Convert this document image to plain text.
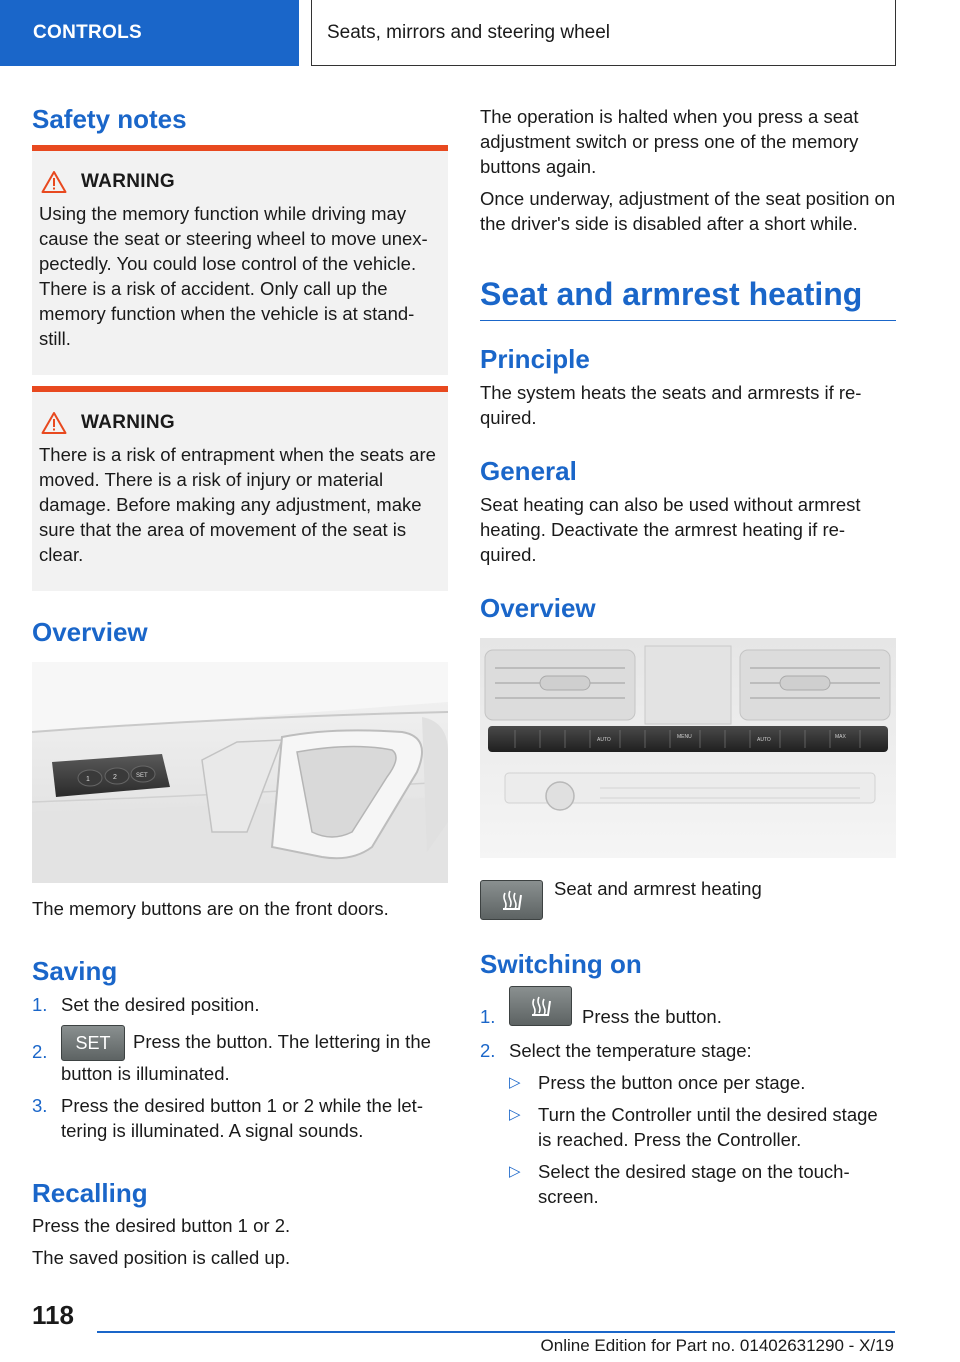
CONTROLS	Seats, mirrors and steering wheel
Safety notes
WARNING

Using the memory function while driving may cause the seat or steering wheel to move unex-pectedly. You could lose control of the vehicle. There is a risk of accident. Only call up the memory function when the vehicle is at stand-still.

WARNING

There is a risk of entrapment when the seats are moved. There is a risk of injury or material damage. Before making any adjustment, make sure that the area of movement of the seat is clear.

Overview
1	2	SET

The memory buttons are on the front doors.

Saving
1. Set the desired position.
2. SET Press the button. The lettering in the button is illuminated.
3. Press the desired button 1 or 2 while the let-tering is illuminated. A signal sounds.
Recalling

Press the desired button 1 or 2.

The saved position is called up.

The operation is halted when you press a seat adjustment switch or press one of the memory buttons again.

Once underway, adjustment of the seat position on the driver's side is disabled after a short while.

Seat and armrest heating
Principle

The system heats the seats and armrests if re-quired.

General

Seat heating can also be used without armrest heating. Deactivate the armrest heating if re-quired.

Overview
AUTO	MENU	AUTO	MAX
Seat and armrest heating
Switching on
1.	Press the button.
2. Select the temperature stage:
▷ Press the button once per stage.
▷ Turn the Controller until the desired stage is reached. Press the Controller.
▷ Select the desired stage on the touch-screen.
118
Online Edition for Part no. 01402631290 - X/19
